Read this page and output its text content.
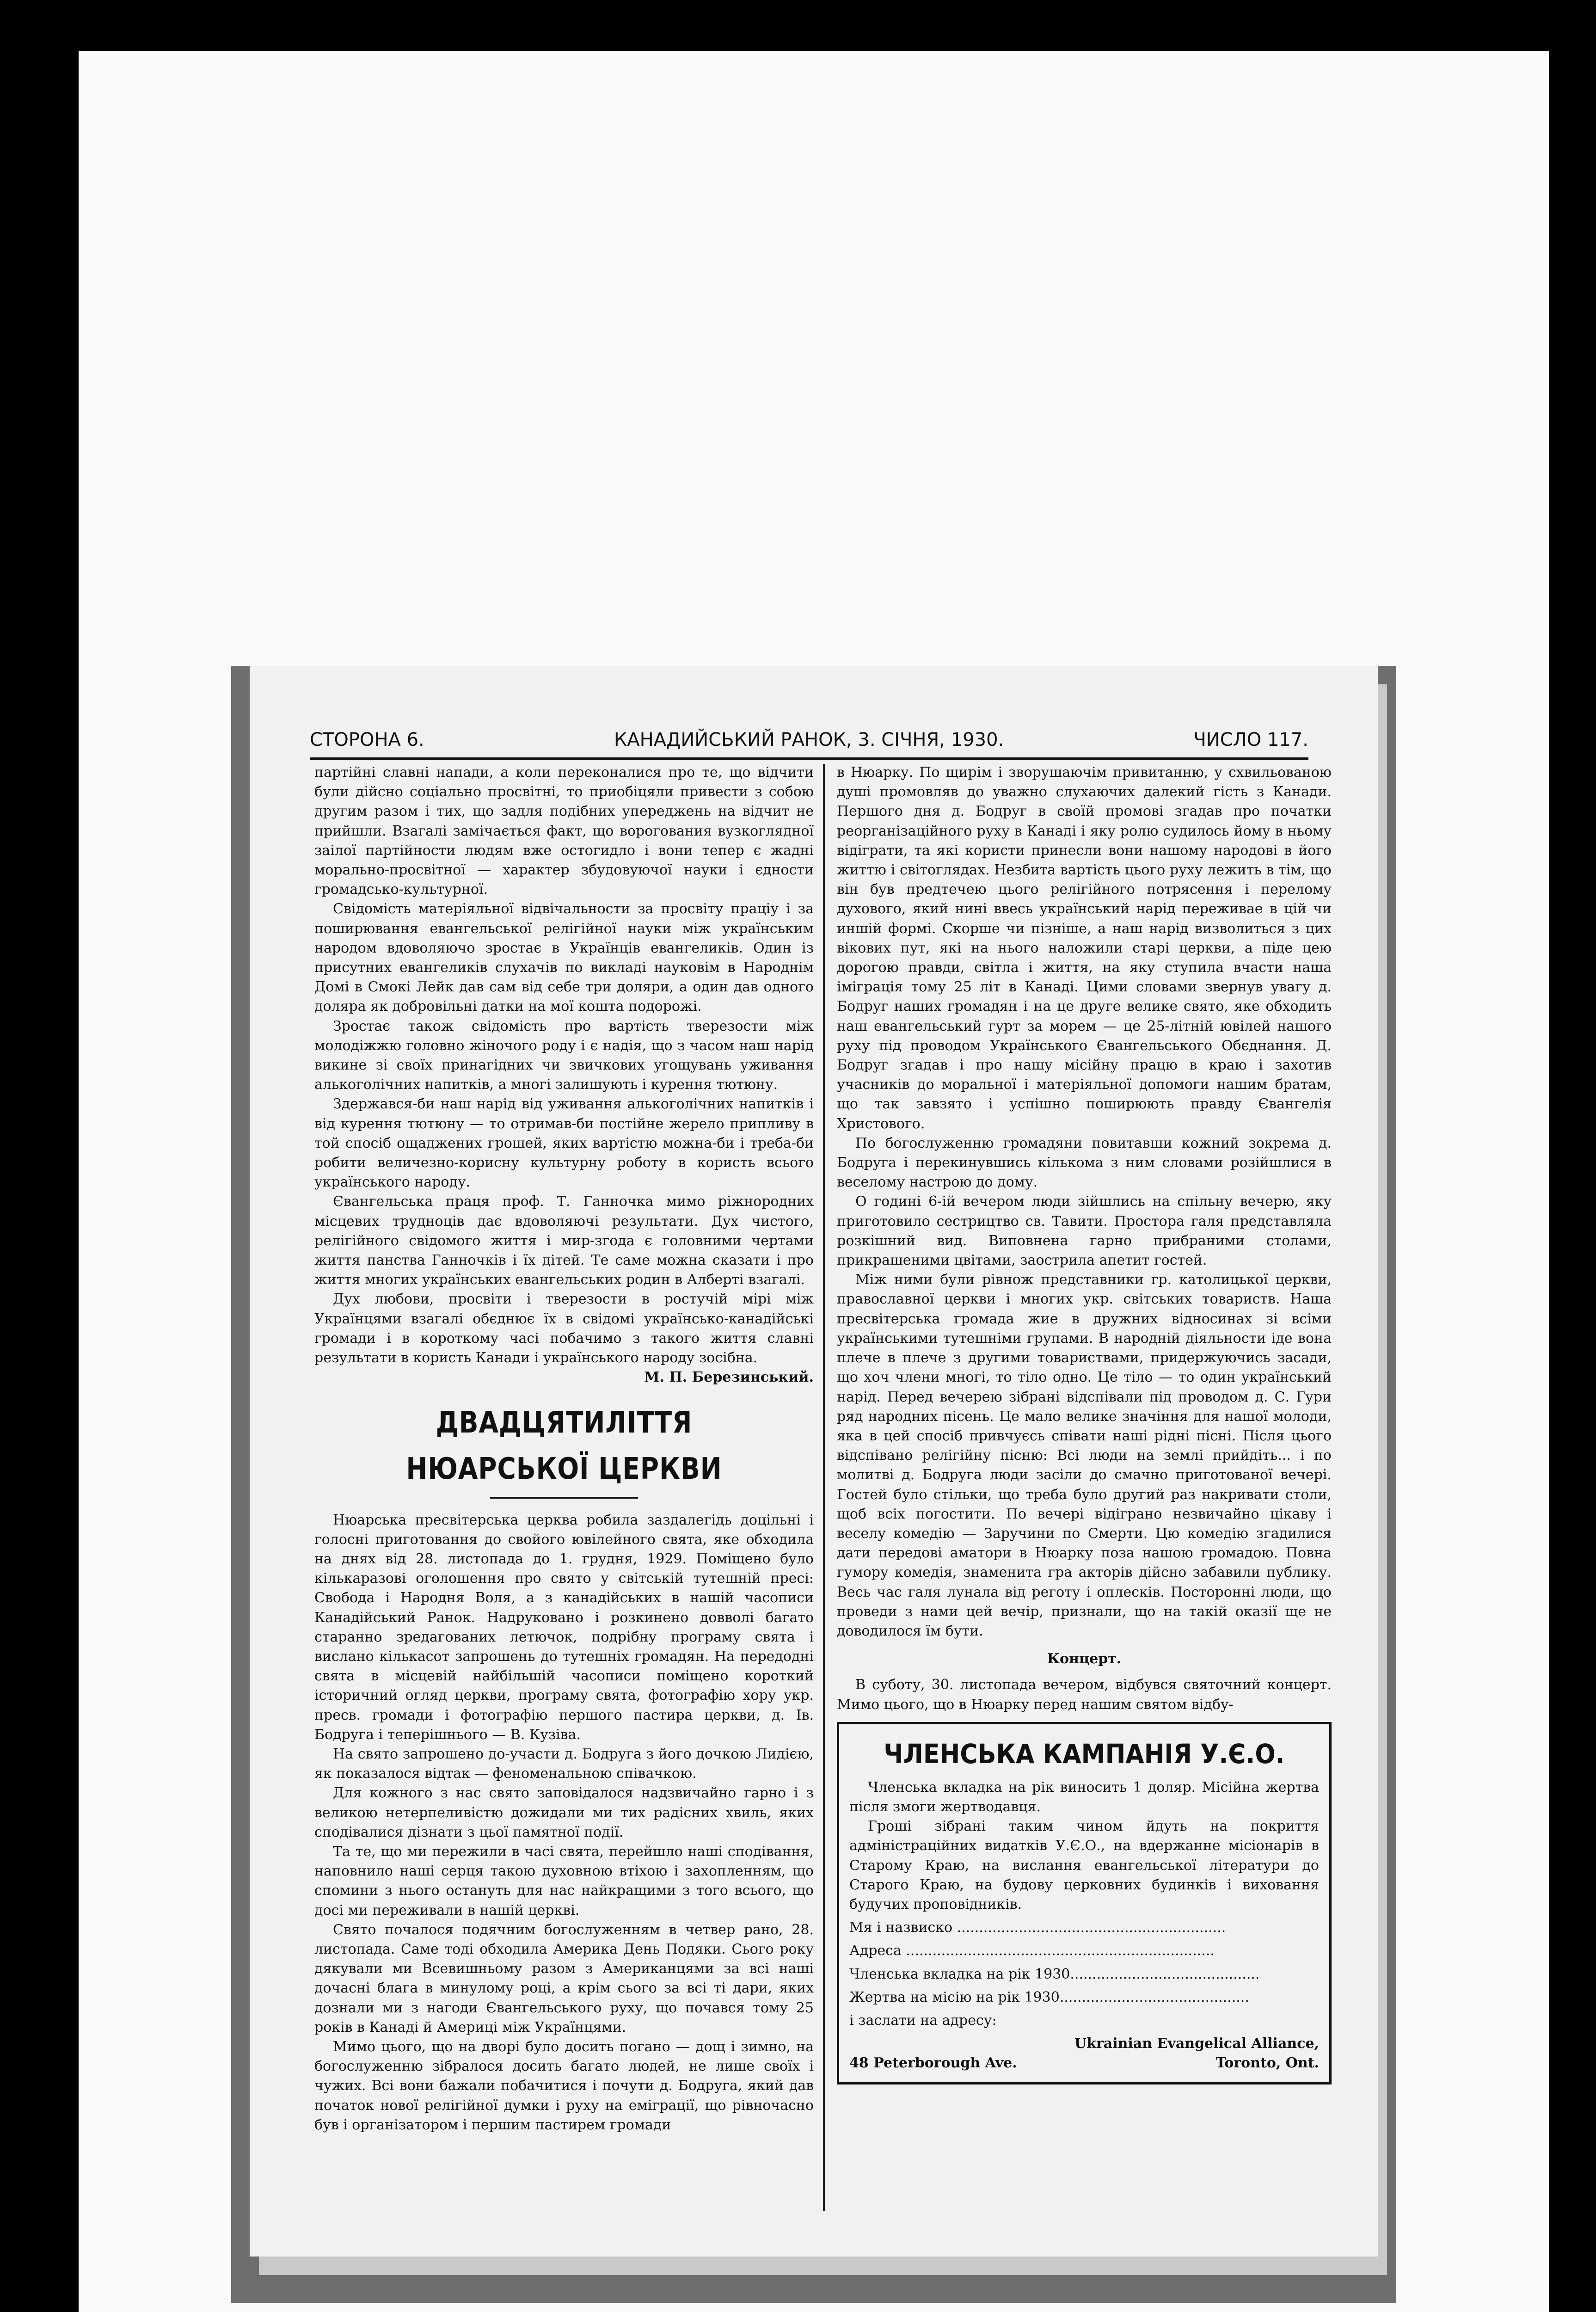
СТОРОНА 6.	КАНАДИЙСЬКИЙ РАНОК, 3. СІЧНЯ, 1930.	ЧИСЛО 117.

партійні славні напади, а коли переконалися про те, що відчити були дійсно соціально просвітні, то приобіцяли привести з собою другим разом і тих, що задля подібних упереджень на відчит не прийшли. Взагалі замічається факт, що ворогования вузкоглядної заілої партійности людям вже остогидло і вони тепер є жадні морально-просвітної — характер збудовуючої науки і єдности громадсько-культурної.

Свідомість матеріяльної відвічальности за просвіту праціу і за поширювання евангельської релігійної науки між українським народом вдоволяючо зростає в Українців евангеликів. Один із присутних евангеликів слухачів по викладі науковім в Народнім Домі в Смокі Лейк дав сам від себе три доляри, а один дав одного доляра як добровільні датки на мої кошта подорожі.

Зростає також свідомість про вартість тверезости між молодіжжю головно жіночого роду і є надія, що з часом наш нарід викине зі своїх принагідних чи звичкових угощувань уживання алькоголічних напитків, а многі залишують і курення тютюну.

Здержався-би наш нарід від уживання алькоголічних напитків і від курення тютюну — то отримав-би постійне жерело припливу в той спосіб ощаджених грошей, яких вартістю можна-би і треба-би робити величезно-корисну культурну роботу в користь всього українського народу.

Євангельська праця проф. Т. Ганночка мимо ріжнородних місцевих трудноців дає вдоволяючі результати. Дух чистого, релігійного свідомого життя і мир-згода є головними чертами життя панства Ганночків і їх дітей. Те саме можна сказати і про життя многих українських евангельських родин в Алберті взагалі.

Дух любови, просвіти і тверезости в ростучій мірі між Українцями взагалі обєднює їх в свідомі українсько-канадійські громади і в короткому часі побачимо з такого життя славні результати в користь Канади і українського народу зосібна.

М. П. Березинський.

ДВАДЦЯТИЛІТТЯ НЮАРСЬКОЇ ЦЕРКВИ

Нюарська пресвітерська церква робила заздалегідь доцільні і голосні приготовання до свойого ювілейного свята, яке обходила на днях від 28. листопада до 1. грудня, 1929. Поміщено було кількаразові оголошення про свято у світській тутешній пресі: Свобода і Народня Воля, а з канадійських в нашій часописи Канадійський Ранок. Надруковано і розкинено довволі багато старанно зредагованих летючок, подрібну програму свята і вислано кількасот запрошень до тутешніх громадян. На передодні свята в місцевій найбільшій часописи поміщено короткий історичний огляд церкви, програму свята, фотографію хору укр. пресв. громади і фотографію першого пастира церкви, д. Ів. Бодруга і теперішнього — В. Кузіва.

На свято запрошено до-участи д. Бодруга з його дочкою Лидією, як показалося відтак — феноменальною співачкою.

Для кожного з нас свято заповідалося надзвичайно гарно і з великою нетерпеливістю дожидали ми тих радісних хвиль, яких сподівалися дізнати з цьої памятної події.

Та те, що ми пережили в часі свята, перейшло наші сподівання, наповнило наші серця такою духовною втіхою і захопленням, що спомини з нього остануть для нас найкращими з того всього, що досі ми переживали в нашій церкві.

Свято почалося подячним богослуженням в четвер рано, 28. листопада. Саме тоді обходила Америка День Подяки. Сього року дякували ми Всевишньому разом з Американцями за всі наші дочасні блага в минулому році, а крім сього за всі ті дари, яких дознали ми з нагоди Євангельського руху, що почався тому 25 років в Канаді й Америці між Українцями.

Мимо цього, що на дворі було досить погано — дощ і зимно, на богослуженню зібралося досить багато людей, не лише своїх і чужих. Всі вони бажали побачитися і почути д. Бодруга, який дав початок нової релігійної думки і руху на еміграції, що рівночасно був і організатором і першим пастирем громади

в Нюарку. По щирім і зворушаючім привитанню, у схвильованою душі промовляв до уважно слухаючих далекий гість з Канади. Першого дня д. Бодруг в своїй промові згадав про початки реорганізаційного руху в Канаді і яку ролю судилось йому в ньому відіграти, та які користи принесли вони нашому народові в його життю і світоглядах. Незбита вартість цього руху лежить в тім, що він був предтечею цього релігійного потрясення і перелому духового, який нині ввесь український нарід переживае в цій чи иншій формі. Скорше чи пізніше, а наш нарід визволиться з цих вікових пут, які на нього наложили старі церкви, а піде цею дорогою правди, світла і життя, на яку ступила вчасти наша імігрaція тому 25 літ в Канаді. Цими словами звернув увагу д. Бодруг наших громадян і на це друге велике свято, яке обходить наш евангельський гурт за морем — це 25-літній ювілей нашого руху під проводом Українського Євангельського Обєднання. Д. Бодруг згадав і про нашу місійну працю в краю і захотив учасників до моральної і матеріяльної допомоги нашим братам, що так завзято і успішно поширюють правду Євангелія Христового.

По богослуженню громадяни повитавши кожний зокрема д. Бодруга і перекинувшись кількома з ним словами розійшлися в веселому настрою до дому.

О годині 6-ій вечером люди зійшлись на спільну вечерю, яку приготовило сестрицтво св. Тавити. Простора галя представляла розкішний вид. Виповнена гарно прибраними столами, прикрашеними цвітами, заострила апетит гостей.

Між ними були рівнож представники гр. католицької церкви, православної церкви і многих укр. світських товариств. Наша пресвітерська громада жие в дружних відносинах зі всіми українськими тутешніми групами. В народній діяльности іде вона плече в плече з другими товариствами, придержуючись засади, що хоч члени многі, то тіло одно. Це тіло — то один український нарід. Перед вечерею зібрані відспівали під проводом д. С. Гури ряд народних пісень. Це мало велике значіння для нашої молоди, яка в цей спосіб привчуєсь співати наші рідні пісні. Після цього відспівано релігійну пісню: Всі люди на землі прийдіть... і по молитві д. Бодруга люди засіли до смачно приготованої вечері. Гостей було стільки, що треба було другий раз накривати столи, щоб всіх погостити. По вечері відіграно незвичайно цікаву і веселу комедію — Заручини по Смерти. Цю комедію згадилися дати передові аматори в Нюарку поза нашою громадою. Повна гумору комедія, знаменита гра акторів дійсно забавили публику. Весь час галя лунала від реготу і оплесків. Посторонні люди, що проведи з нами цей вечір, признали, що на такій оказії ще не доводилося їм бути.

Концерт.

В суботу, 30. листопада вечером, відбувся святочний концерт. Мимо цього, що в Нюарку перед нашим святом відбу-

ЧЛЕНСЬКА КАМПАНІЯ У.Є.О.

Членська вкладка на рік виносить 1 доляр. Місійна жертва після змоги жертводавця.

Гроші зібрані таким чином йдуть на покриття адміністраційних видатків У.Є.О., на вдержанне місіонарів в Старому Краю, на вислання евангельської літератури до Старого Краю, на будову церковних будинків і виховання будучих проповідників.

Мя і назвиско .............................................................
Адреса ......................................................................
Членська вкладка на рік 1930...........................................
Жертва на місію на рік 1930...........................................
і заслати на адресу:
Ukrainian Evangelical Alliance,
48 Peterborough Ave.	Toronto, Ont.
